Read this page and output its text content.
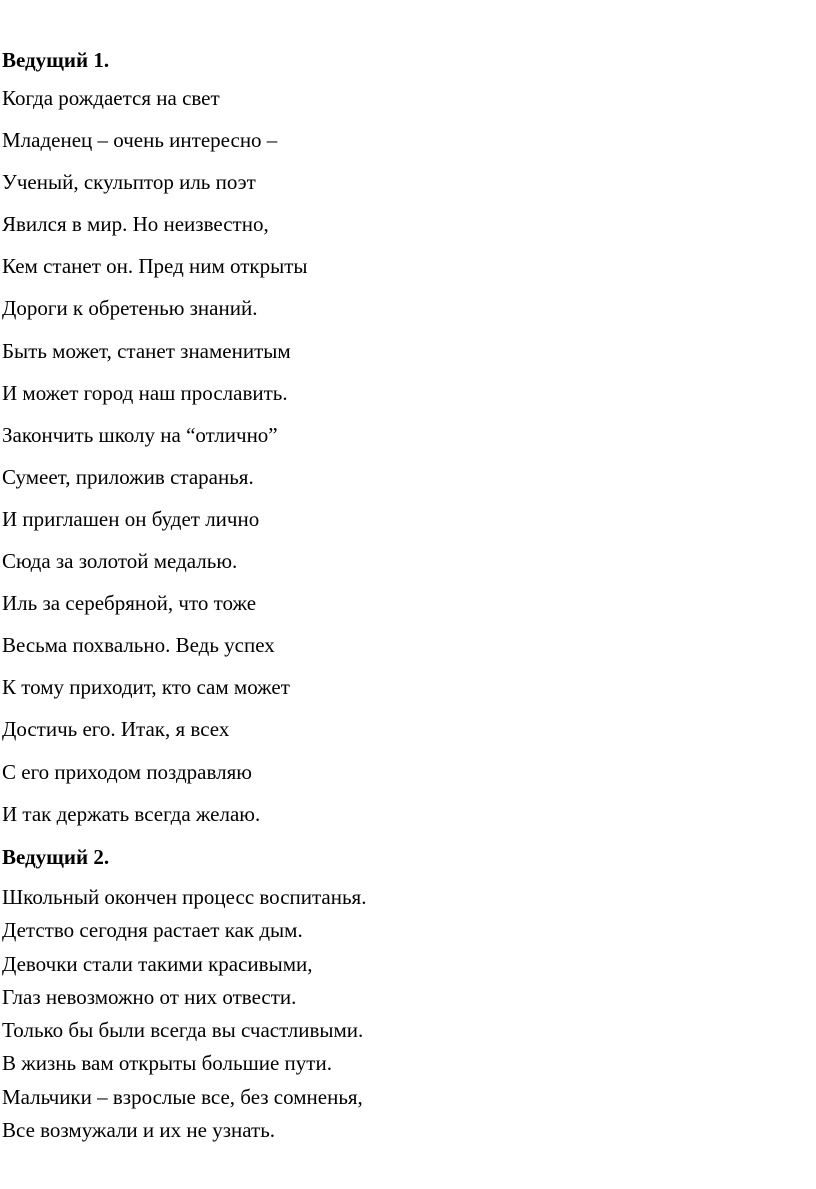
Ведущий 1.
Когда рождается на свет
Младенец – очень интересно –
Ученый, скульптор иль поэт
Явился в мир. Но неизвестно,
Кем станет он. Пред ним открыты
Дороги к обретенью знаний.
Быть может, станет знаменитым
И может город наш прославить.
Закончить школу на “отлично”
Сумеет, приложив старанья.
И приглашен он будет лично
Сюда за золотой медалью.
Иль за серебряной, что тоже
Весьма похвально. Ведь успех
К тому приходит, кто сам может
Достичь его. Итак, я всех
С его приходом поздравляю
И так держать всегда желаю.
Ведущий 2.
Школьный окончен процесс воспитанья.
Детство сегодня растает как дым.
Девочки стали такими красивыми,
Глаз невозможно от них отвести.
Только бы были всегда вы счастливыми.
В жизнь вам открыты большие пути.
Мальчики – взрослые все, без сомненья,
Все возмужали и их не узнать.
